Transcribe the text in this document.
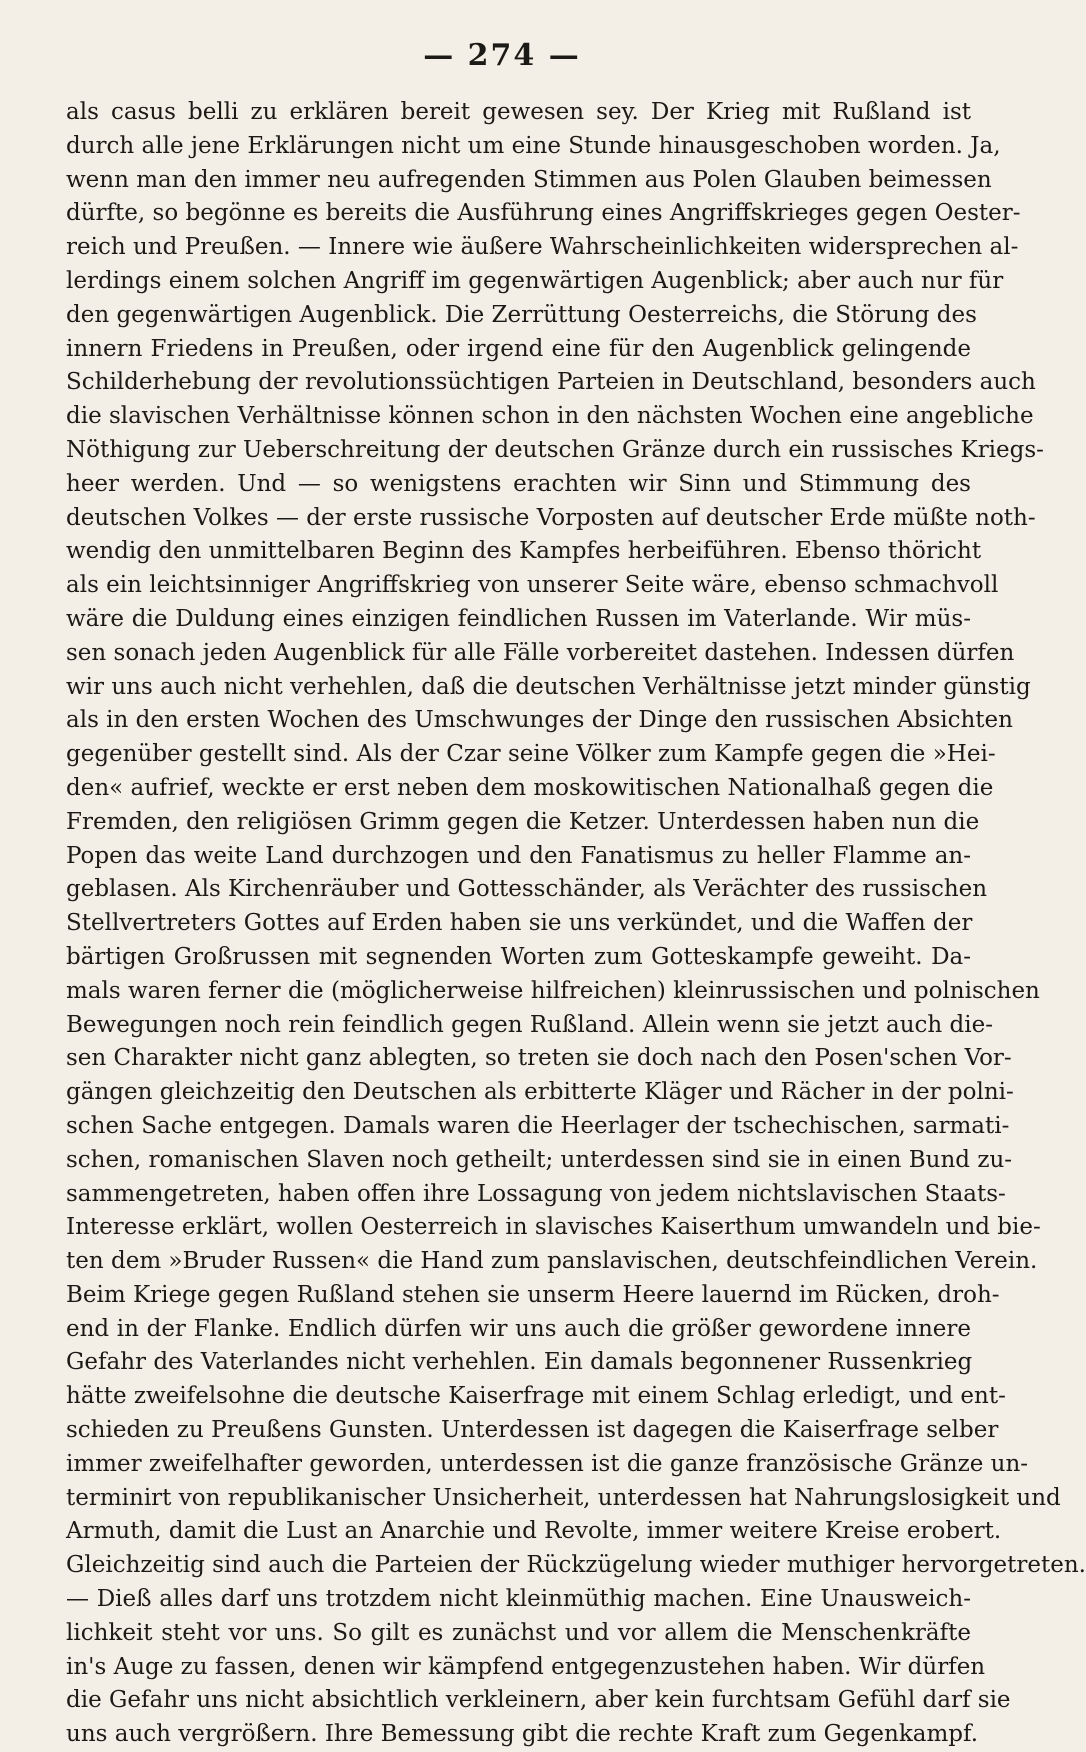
— 274 —
als casus belli zu erklären bereit gewesen sey. Der Krieg mit Rußland ist
durch alle jene Erklärungen nicht um eine Stunde hinausgeschoben worden. Ja,
wenn man den immer neu aufregenden Stimmen aus Polen Glauben beimessen
dürfte, so begönne es bereits die Ausführung eines Angriffskrieges gegen Oester-
reich und Preußen. — Innere wie äußere Wahrscheinlichkeiten widersprechen al-
lerdings einem solchen Angriff im gegenwärtigen Augenblick; aber auch nur für
den gegenwärtigen Augenblick. Die Zerrüttung Oesterreichs, die Störung des
innern Friedens in Preußen, oder irgend eine für den Augenblick gelingende
Schilderhebung der revolutionssüchtigen Parteien in Deutschland, besonders auch
die slavischen Verhältnisse können schon in den nächsten Wochen eine angebliche
Nöthigung zur Ueberschreitung der deutschen Gränze durch ein russisches Kriegs-
heer werden. Und — so wenigstens erachten wir Sinn und Stimmung des
deutschen Volkes — der erste russische Vorposten auf deutscher Erde müßte noth-
wendig den unmittelbaren Beginn des Kampfes herbeiführen. Ebenso thöricht
als ein leichtsinniger Angriffskrieg von unserer Seite wäre, ebenso schmachvoll
wäre die Duldung eines einzigen feindlichen Russen im Vaterlande. Wir müs-
sen sonach jeden Augenblick für alle Fälle vorbereitet dastehen. Indessen dürfen
wir uns auch nicht verhehlen, daß die deutschen Verhältnisse jetzt minder günstig
als in den ersten Wochen des Umschwunges der Dinge den russischen Absichten
gegenüber gestellt sind. Als der Czar seine Völker zum Kampfe gegen die »Hei-
den« aufrief, weckte er erst neben dem moskowitischen Nationalhaß gegen die
Fremden, den religiösen Grimm gegen die Ketzer. Unterdessen haben nun die
Popen das weite Land durchzogen und den Fanatismus zu heller Flamme an-
geblasen. Als Kirchenräuber und Gottesschänder, als Verächter des russischen
Stellvertreters Gottes auf Erden haben sie uns verkündet, und die Waffen der
bärtigen Großrussen mit segnenden Worten zum Gotteskampfe geweiht. Da-
mals waren ferner die (möglicherweise hilfreichen) kleinrussischen und polnischen
Bewegungen noch rein feindlich gegen Rußland. Allein wenn sie jetzt auch die-
sen Charakter nicht ganz ablegten, so treten sie doch nach den Posen'schen Vor-
gängen gleichzeitig den Deutschen als erbitterte Kläger und Rächer in der polni-
schen Sache entgegen. Damals waren die Heerlager der tschechischen, sarmati-
schen, romanischen Slaven noch getheilt; unterdessen sind sie in einen Bund zu-
sammengetreten, haben offen ihre Lossagung von jedem nichtslavischen Staats-
Interesse erklärt, wollen Oesterreich in slavisches Kaiserthum umwandeln und bie-
ten dem »Bruder Russen« die Hand zum panslavischen, deutschfeindlichen Verein.
Beim Kriege gegen Rußland stehen sie unserm Heere lauernd im Rücken, droh-
end in der Flanke. Endlich dürfen wir uns auch die größer gewordene innere
Gefahr des Vaterlandes nicht verhehlen. Ein damals begonnener Russenkrieg
hätte zweifelsohne die deutsche Kaiserfrage mit einem Schlag erledigt, und ent-
schieden zu Preußens Gunsten. Unterdessen ist dagegen die Kaiserfrage selber
immer zweifelhafter geworden, unterdessen ist die ganze französische Gränze un-
terminirt von republikanischer Unsicherheit, unterdessen hat Nahrungslosigkeit und
Armuth, damit die Lust an Anarchie und Revolte, immer weitere Kreise erobert.
Gleichzeitig sind auch die Parteien der Rückzügelung wieder muthiger hervorgetreten.
— Dieß alles darf uns trotzdem nicht kleinmüthig machen. Eine Unausweich-
lichkeit steht vor uns. So gilt es zunächst und vor allem die Menschenkräfte
in's Auge zu fassen, denen wir kämpfend entgegenzustehen haben. Wir dürfen
die Gefahr uns nicht absichtlich verkleinern, aber kein furchtsam Gefühl darf sie
uns auch vergrößern. Ihre Bemessung gibt die rechte Kraft zum Gegenkampf.
